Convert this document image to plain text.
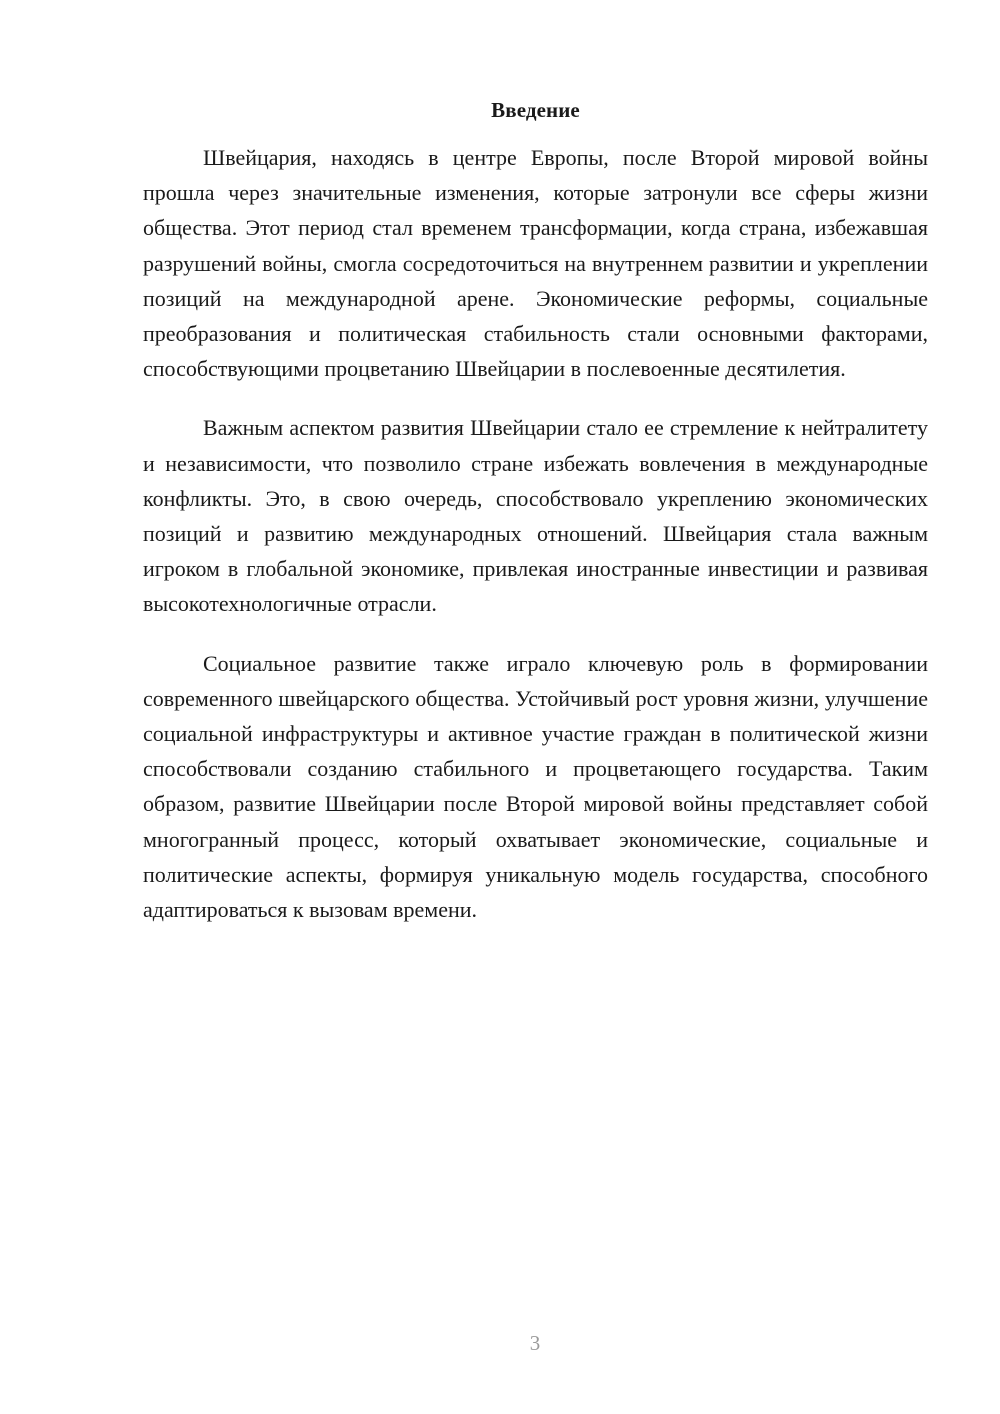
Введение

Швейцария, находясь в центре Европы, после Второй мировой войны прошла через значительные изменения, которые затронули все сферы жизни общества. Этот период стал временем трансформации, когда страна, избежавшая разрушений войны, смогла сосредоточиться на внутреннем развитии и укреплении позиций на международной арене. Экономические реформы, социальные преобразования и политическая стабильность стали основными факторами, способствующими процветанию Швейцарии в послевоенные десятилетия.

Важным аспектом развития Швейцарии стало ее стремление к нейтралитету и независимости, что позволило стране избежать вовлечения в международные конфликты. Это, в свою очередь, способствовало укреплению экономических позиций и развитию международных отношений. Швейцария стала важным игроком в глобальной экономике, привлекая иностранные инвестиции и развивая высокотехнологичные отрасли.

Социальное развитие также играло ключевую роль в формировании современного швейцарского общества. Устойчивый рост уровня жизни, улучшение социальной инфраструктуры и активное участие граждан в политической жизни способствовали созданию стабильного и процветающего государства. Таким образом, развитие Швейцарии после Второй мировой войны представляет собой многогранный процесс, который охватывает экономические, социальные и политические аспекты, формируя уникальную модель государства, способного адаптироваться к вызовам времени.

3
